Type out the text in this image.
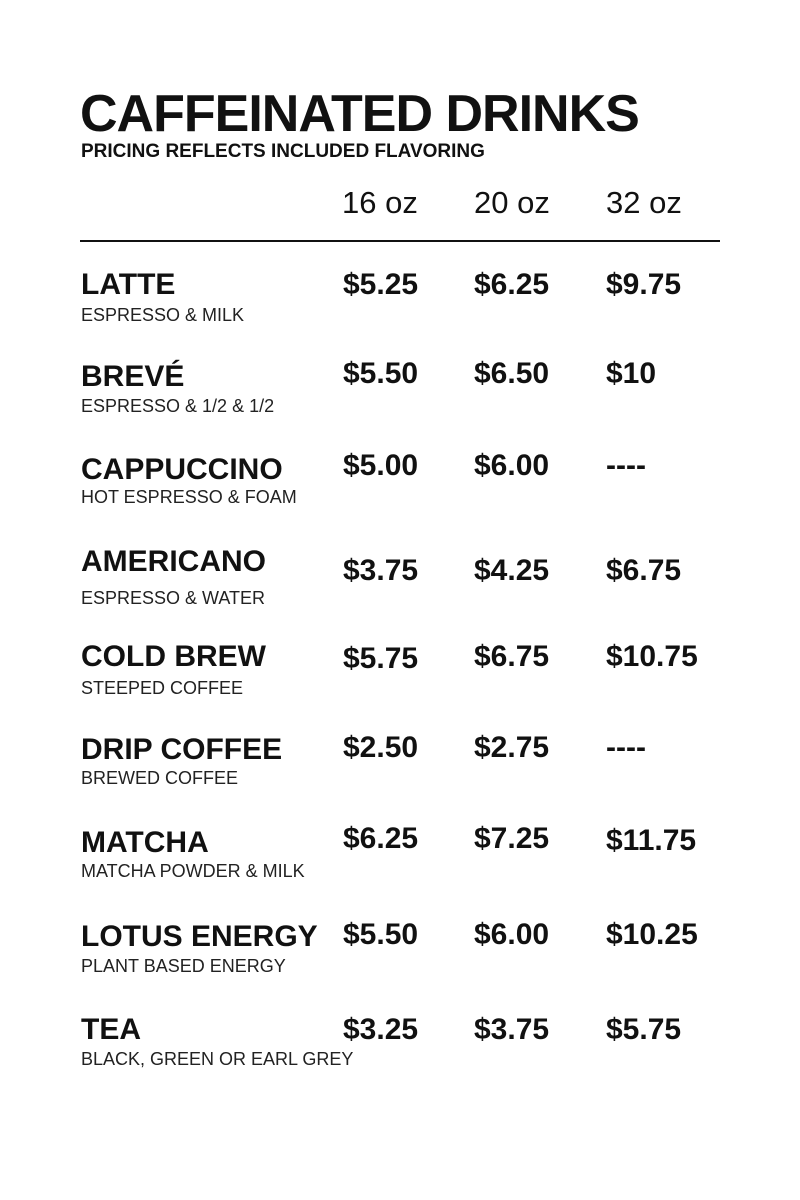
CAFFEINATED DRINKS
PRICING REFLECTS INCLUDED FLAVORING
16 oz 20 oz 32 oz
LATTE
ESPRESSO & MILK
$5.25 $6.25 $9.75
BREVÉ
ESPRESSO & 1/2 & 1/2
$5.50 $6.50 $10
CAPPUCCINO
HOT ESPRESSO & FOAM
$5.00 $6.00 ----
AMERICANO
ESPRESSO & WATER
$3.75 $4.25 $6.75
COLD BREW
STEEPED COFFEE
$5.75 $6.75 $10.75
DRIP COFFEE
BREWED COFFEE
$2.50 $2.75 ----
MATCHA
MATCHA POWDER & MILK
$6.25 $7.25 $11.75
LOTUS ENERGY
PLANT BASED ENERGY
$5.50 $6.00 $10.25
TEA
BLACK, GREEN OR EARL GREY
$3.25 $3.75 $5.75
